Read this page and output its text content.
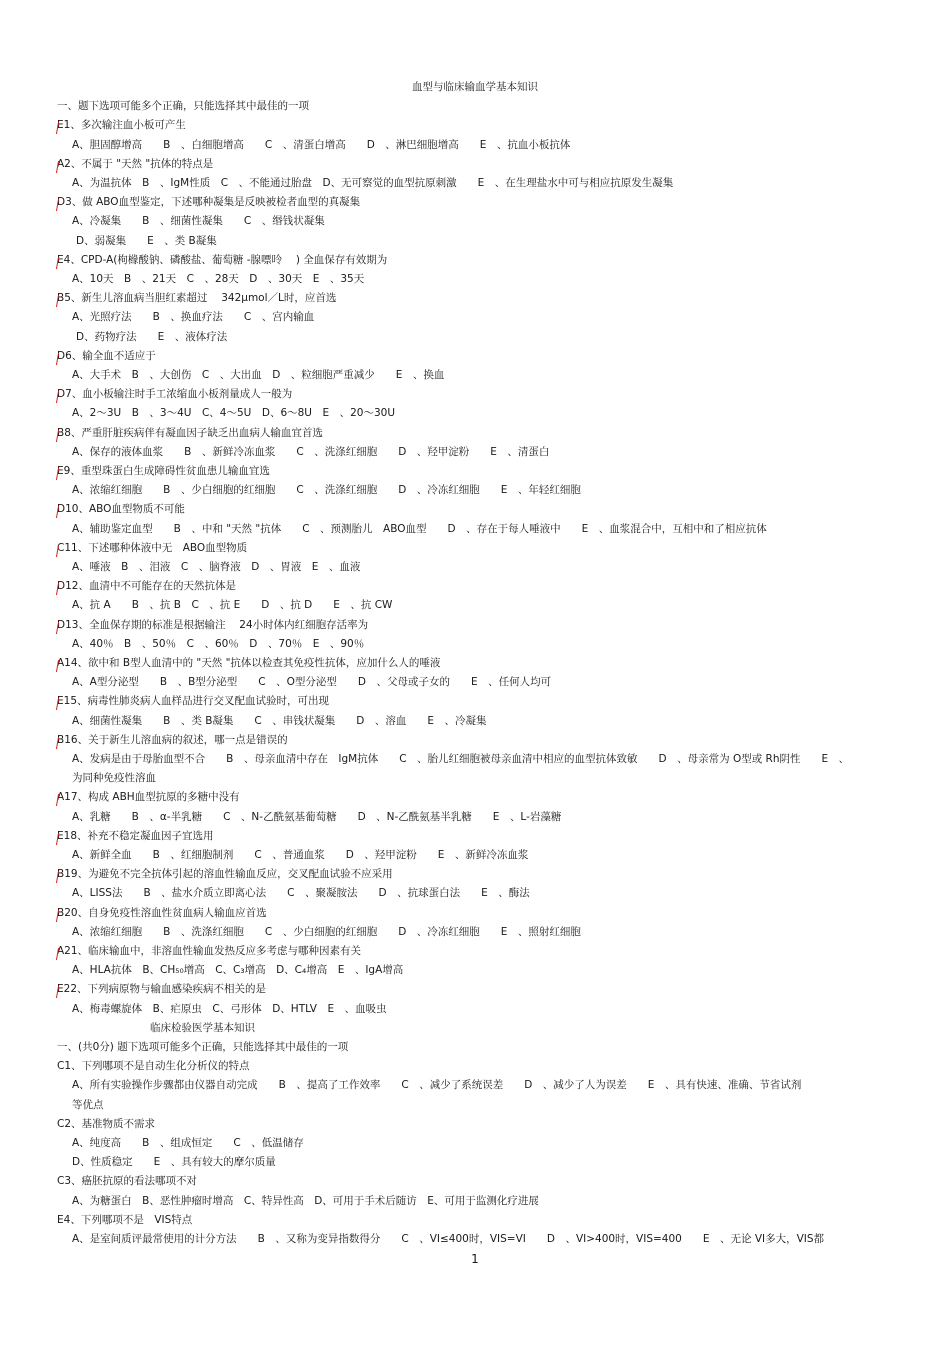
血型与临床输血学基本知识
一、题下选项可能多个正确，只能选择其中最佳的一项
E1、多次输注血小板可产生
A、胆固醇增高　　B　、白细胞增高　　C　、清蛋白增高　　D　、淋巴细胞增高　　E　、抗血小板抗体
A2、不属于 "天然 "抗体的特点是
A、为温抗体　B　、IgM性质　C　、不能通过胎盘　D、无可察觉的血型抗原刺激　　E　、在生理盐水中可与相应抗原发生凝集
D3、做 ABO血型鉴定，下述哪种凝集是反映被检者血型的真凝集
A、冷凝集　　B　、细菌性凝集　　C　、缗钱状凝集
D、弱凝集　　E　、类 B凝集
E4、CPD-A(枸橼酸钠、磷酸盐、葡萄糖 -腺嘌呤　 ) 全血保存有效期为
A、10天　B　、21天　C　、28天　D　、30天　E　、35天
B5、新生儿溶血病当胆红素超过　 342μmol／L时，应首选
A、光照疗法　　B　、换血疗法　　C　、宫内输血
D、药物疗法　　E　、液体疗法
D6、输全血不适应于
A、大手术　B　、大创伤　C　、大出血　D　、粒细胞严重减少　　E　、换血
D7、血小板输注时手工浓缩血小板剂量成人一般为
A、2～3U　B　、3～4U　C、4～5U　D、6～8U　E　、20～30U
B8、严重肝脏疾病伴有凝血因子缺乏出血病人输血宜首选
A、保存的液体血浆　　B　、新鲜冷冻血浆　　C　、洗涤红细胞　　D　、羟甲淀粉　　E　、清蛋白
E9、重型珠蛋白生成障碍性贫血患儿输血宜选
A、浓缩红细胞　　B　、少白细胞的红细胞　　C　、洗涤红细胞　　D　、冷冻红细胞　　E　、年轻红细胞
D10、ABO血型物质不可能
A、辅助鉴定血型　　B　、中和 "天然 "抗体　　C　、预测胎儿　ABO血型　　D　、存在于每人唾液中　　E　、血浆混合中，互相中和了相应抗体
C11、下述哪种体液中无　ABO血型物质
A、唾液　B　、泪液　C　、脑脊液　D　、胃液　E　、血液
D12、血清中不可能存在的天然抗体是
A、抗 A　　B　、抗 B　C　、抗 E　　D　、抗 D　　E　、抗 CW
D13、全血保存期的标准是根据输注　 24小时体内红细胞存活率为
A、40％　B　、50％　C　、60％　D　、70％　E　、90％
A14、欲中和 B型人血清中的 "天然 "抗体以检查其免疫性抗体，应加什么人的唾液
A、A型分泌型　　B　、B型分泌型　　C　、O型分泌型　　D　、父母或子女的　　E　、任何人均可
E15、病毒性肺炎病人血样品进行交叉配血试验时，可出现
A、细菌性凝集　　B　、类 B凝集　　C　、串钱状凝集　　D　、溶血　　E　、冷凝集
B16、关于新生儿溶血病的叙述，哪一点是错误的
A、发病是由于母胎血型不合　　B　、母亲血清中存在　IgM抗体　　C　、胎儿红细胞被母亲血清中相应的血型抗体致敏　　D　、母亲常为 O型或 Rh阴性　　E　、
为同种免疫性溶血
A17、构成 ABH血型抗原的多糖中没有
A、乳糖　　B　、α-半乳糖　　C　、N-乙酰氨基葡萄糖　　D　、N-乙酰氨基半乳糖　　E　、L-岩藻糖
E18、补充不稳定凝血因子宜选用
A、新鲜全血　　B　、红细胞制剂　　C　、普通血浆　　D　、羟甲淀粉　　E　、新鲜冷冻血浆
B19、为避免不完全抗体引起的溶血性输血反应，交叉配血试验不应采用
A、LISS法　　B　、盐水介质立即离心法　　C　、聚凝胺法　　D　、抗球蛋白法　　E　、酶法
B20、自身免疫性溶血性贫血病人输血应首选
A、浓缩红细胞　　B　、洗涤红细胞　　C　、少白细胞的红细胞　　D　、冷冻红细胞　　E　、照射红细胞
A21、临床输血中，非溶血性输血发热反应多考虑与哪种因素有关
A、HLA抗体　B、CH₅₀增高　C、C₃增高　D、C₄增高　E　、IgA增高
E22、下列病原物与输血感染疾病不相关的是
A、梅毒螺旋体　B、疟原虫　C、弓形体　D、HTLV　E　、血吸虫
临床检验医学基本知识
一、(共0分) 题下选项可能多个正确，只能选择其中最佳的一项
C1、下列哪项不是自动生化分析仪的特点
A、所有实验操作步骤都由仪器自动完成　　B　、提高了工作效率　　C　、减少了系统误差　　D　、减少了人为误差　　E　、具有快速、准确、节省试剂
等优点
C2、基准物质不需求
A、纯度高　　B　、组成恒定　　C　、低温储存
D、性质稳定　　E　、具有较大的摩尔质量
C3、癌胚抗原的看法哪项不对
A、为糖蛋白　B、恶性肿瘤时增高　C、特异性高　D、可用于手术后随访　E、可用于监测化疗进展
E4、下列哪项不是　VIS特点
A、是室间质评最常使用的计分方法　　B　、又称为变异指数得分　　C　、VI≤400时，VIS=VI　　D　、VI>400时，VIS=400　　E　、无论 VI多大，VIS都
1
